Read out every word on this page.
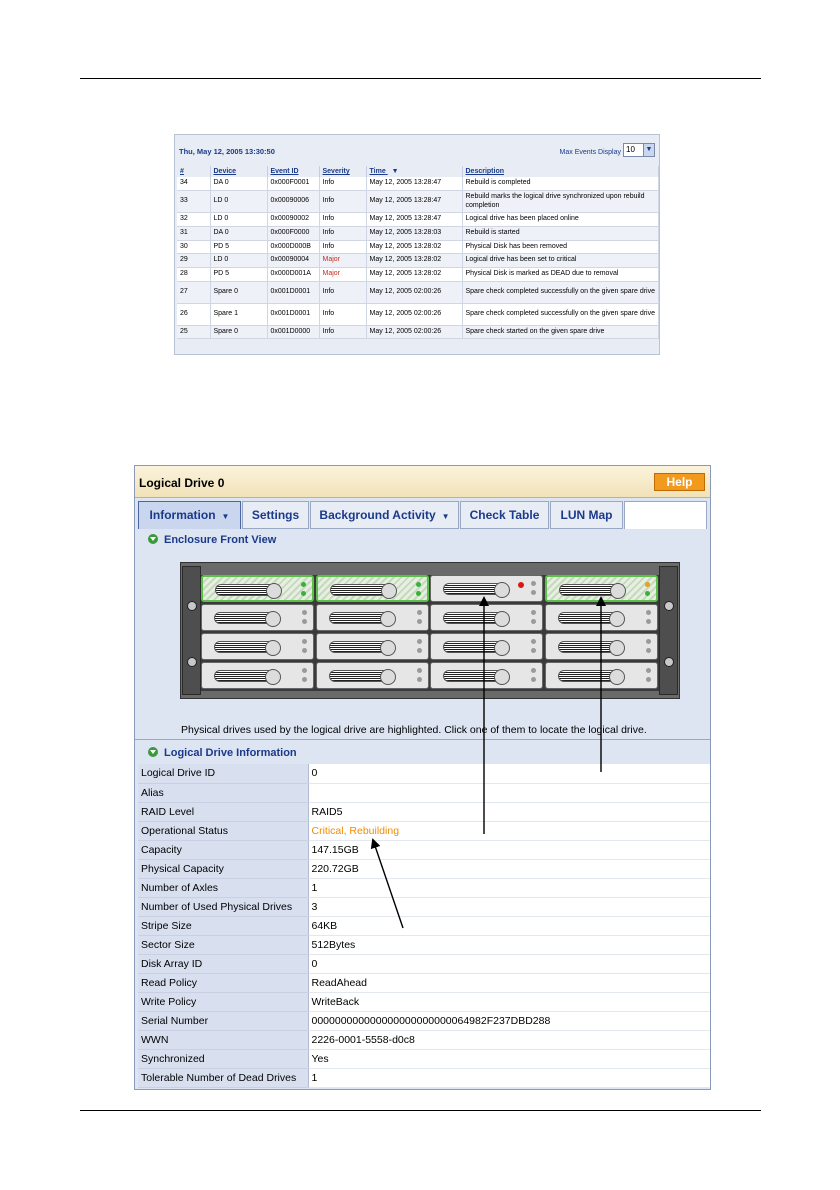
Thu, May 12, 2005 13:30:50	Max Events Display 10	▼
#	Device	Event ID	Severity	Time ▼	Description
34	DA 0	0x000F0001	Info	May 12, 2005 13:28:47	Rebuild is completed
33	LD 0	0x00090006	Info	May 12, 2005 13:28:47	Rebuild marks the logical drive synchronized upon rebuild completion
32	LD 0	0x00090002	Info	May 12, 2005 13:28:47	Logical drive has been placed online
31	DA 0	0x000F0000	Info	May 12, 2005 13:28:03	Rebuild is started
30	PD 5	0x000D000B	Info	May 12, 2005 13:28:02	Physical Disk has been removed
29	LD 0	0x00090004	Major	May 12, 2005 13:28:02	Logical drive has been set to critical
28	PD 5	0x000D001A	Major	May 12, 2005 13:28:02	Physical Disk is marked as DEAD due to removal
27	Spare 0	0x001D0001	Info	May 12, 2005 02:00:26	Spare check completed successfully on the given spare drive
26	Spare 1	0x001D0001	Info	May 12, 2005 02:00:26	Spare check completed successfully on the given spare drive
25	Spare 0	0x001D0000	Info	May 12, 2005 02:00:26	Spare check started on the given spare drive
Logical Drive 0	Help
Information ▼	Settings	Background Activity ▼	Check Table	LUN Map
Enclosure Front View
Physical drives used by the logical drive are highlighted. Click one of them to locate the logical drive.
Logical Drive Information
Logical Drive ID	0
Alias	
RAID Level	RAID5
Operational Status	Critical, Rebuilding
Capacity	147.15GB
Physical Capacity	220.72GB
Number of Axles	1
Number of Used Physical Drives	3
Stripe Size	64KB
Sector Size	512Bytes
Disk Array ID	0
Read Policy	ReadAhead
Write Policy	WriteBack
Serial Number	000000000000000000000000064982F237DBD288
WWN	2226-0001-5558-d0c8
Synchronized	Yes
Tolerable Number of Dead Drives	1
